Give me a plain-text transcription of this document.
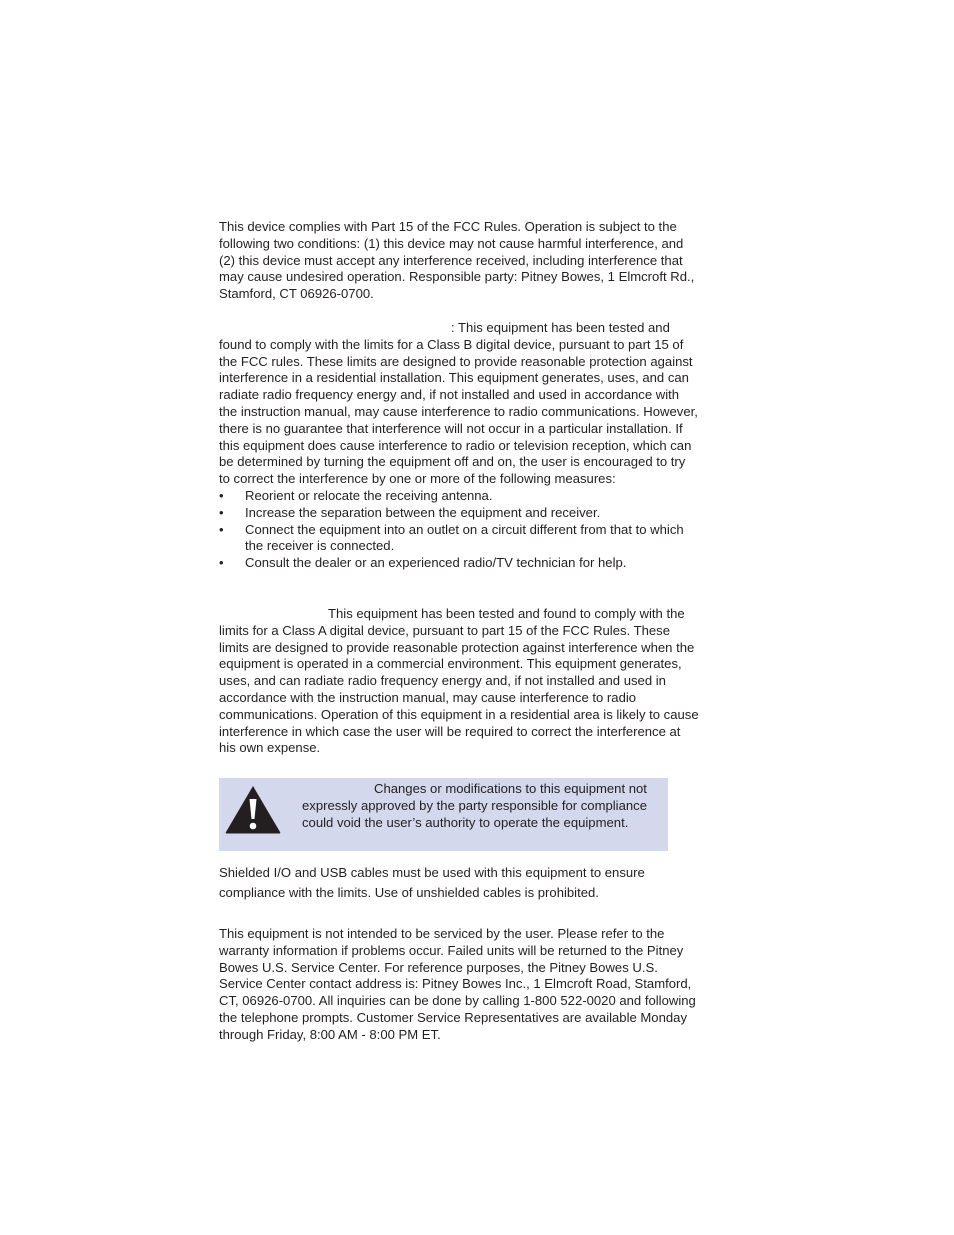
This device complies with Part 15 of the FCC Rules. Operation is subject to the following two conditions: (1) this device may not cause harmful interference, and (2) this device must accept any interference received, including interference that may cause undesired operation. Responsible party: Pitney Bowes, 1 Elmcroft Rd., Stamford, CT 06926-0700.

: This equipment has been tested and found to comply with the limits for a Class B digital device, pursuant to part 15 of the FCC rules. These limits are designed to provide reasonable protection against interference in a residential installation. This equipment generates, uses, and can radiate radio frequency energy and, if not installed and used in accordance with the instruction manual, may cause interference to radio communications. However, there is no guarantee that interference will not occur in a particular installation. If this equipment does cause interference to radio or television reception, which can be determined by turning the equipment off and on, the user is encouraged to try to correct the interference by one or more of the following measures:

• Reorient or relocate the receiving antenna.
• Increase the separation between the equipment and receiver.
• Connect the equipment into an outlet on a circuit different from that to which the receiver is connected.
• Consult the dealer or an experienced radio/TV technician for help.

This equipment has been tested and found to comply with the limits for a Class A digital device, pursuant to part 15 of the FCC Rules. These limits are designed to provide reasonable protection against interference when the equipment is operated in a commercial environment. This equipment generates, uses, and can radiate radio frequency energy and, if not installed and used in accordance with the instruction manual, may cause interference to radio communications. Operation of this equipment in a residential area is likely to cause interference in which case the user will be required to correct the interference at his own expense.

Changes or modifications to this equipment not expressly approved by the party responsible for compliance could void the user’s authority to operate the equipment.

Shielded I/O and USB cables must be used with this equipment to ensure compliance with the limits. Use of unshielded cables is prohibited.

This equipment is not intended to be serviced by the user. Please refer to the warranty information if problems occur. Failed units will be returned to the Pitney Bowes U.S. Service Center. For reference purposes, the Pitney Bowes U.S. Service Center contact address is: Pitney Bowes Inc., 1 Elmcroft Road, Stamford, CT, 06926-0700. All inquiries can be done by calling 1-800 522-0020 and following the telephone prompts. Customer Service Representatives are available Monday through Friday, 8:00 AM - 8:00 PM ET.
